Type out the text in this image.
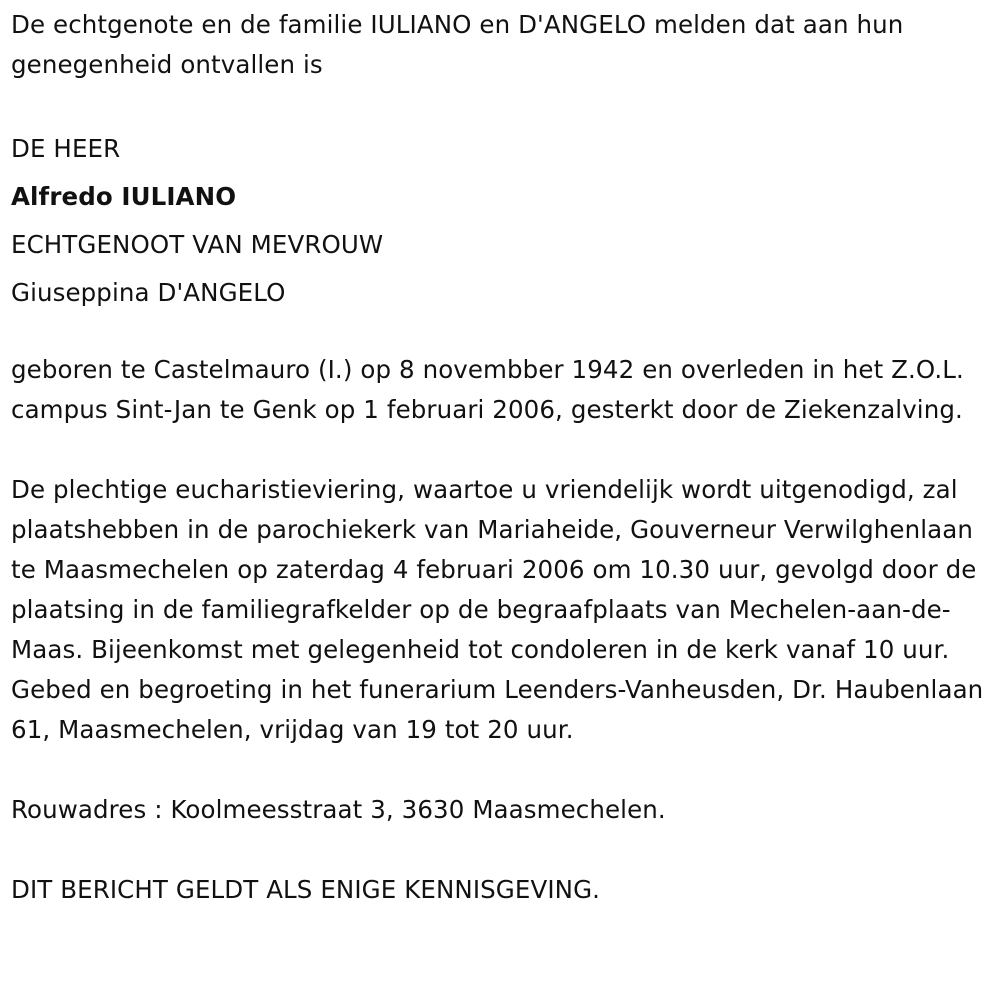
De echtgenote en de familie IULIANO en D'ANGELO melden dat aan hun genegenheid ontvallen is

DE HEER

Alfredo IULIANO

ECHTGENOOT VAN MEVROUW

Giuseppina D'ANGELO

geboren te Castelmauro (I.) op 8 novembber 1942 en overleden in het Z.O.L. campus Sint-Jan te Genk op 1 februari 2006, gesterkt door de Ziekenzalving.

De plechtige eucharistieviering, waartoe u vriendelijk wordt uitgenodigd, zal plaatshebben in de parochiekerk van Mariaheide, Gouverneur Verwilghenlaan te Maasmechelen op zaterdag 4 februari 2006 om 10.30 uur, gevolgd door de plaatsing in de familiegrafkelder op de begraafplaats van Mechelen-aan-de-Maas. Bijeenkomst met gelegenheid tot condoleren in de kerk vanaf 10 uur. Gebed en begroeting in het funerarium Leenders-Vanheusden, Dr. Haubenlaan 61, Maasmechelen, vrijdag van 19 tot 20 uur.

Rouwadres : Koolmeesstraat 3, 3630 Maasmechelen.

DIT BERICHT GELDT ALS ENIGE KENNISGEVING.
